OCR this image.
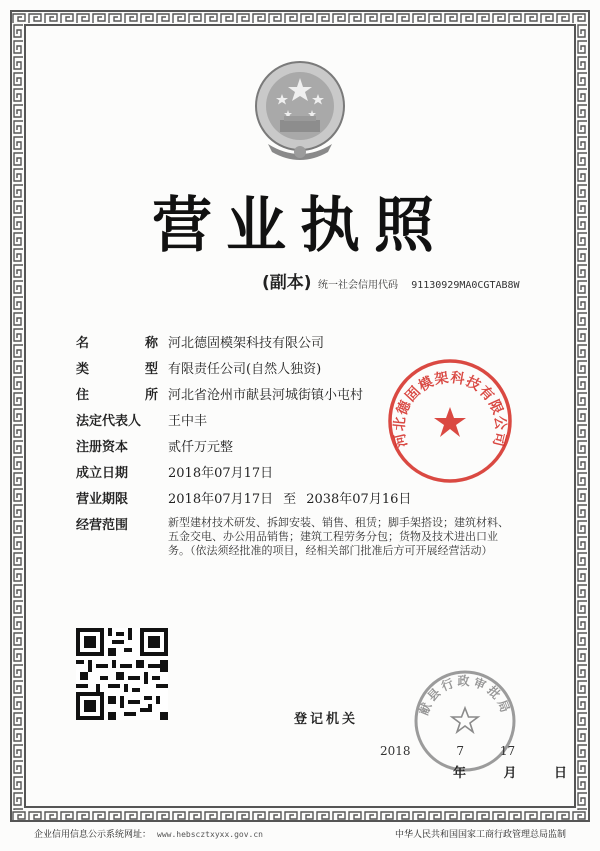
营业执照
(副本) 统一社会信用代码 91130929MA0CGTAB8W
名	称 河北德固模架科技有限公司
类	型 有限责任公司(自然人独资)
住	所 河北省沧州市献县河城街镇小屯村
法定代表人	王中丰
注册资本	贰仟万元整
成立日期	2018年07月17日
营业期限	2018年07月17日 至 2038年07月16日
经营范围	新型建材技术研发、拆卸安装、销售、租赁；脚手架搭设；建筑材料、五金交电、办公用品销售；建筑工程劳务分包；货物及技术进出口业务。（依法须经批准的项目，经相关部门批准后方可开展经营活动）
河北德固模架科技有限公司
登记机关
献县行政审批局
2018	7	17
年	月	日
企业信用信息公示系统网址： www.hebscztxyxx.gov.cn	中华人民共和国国家工商行政管理总局监制
